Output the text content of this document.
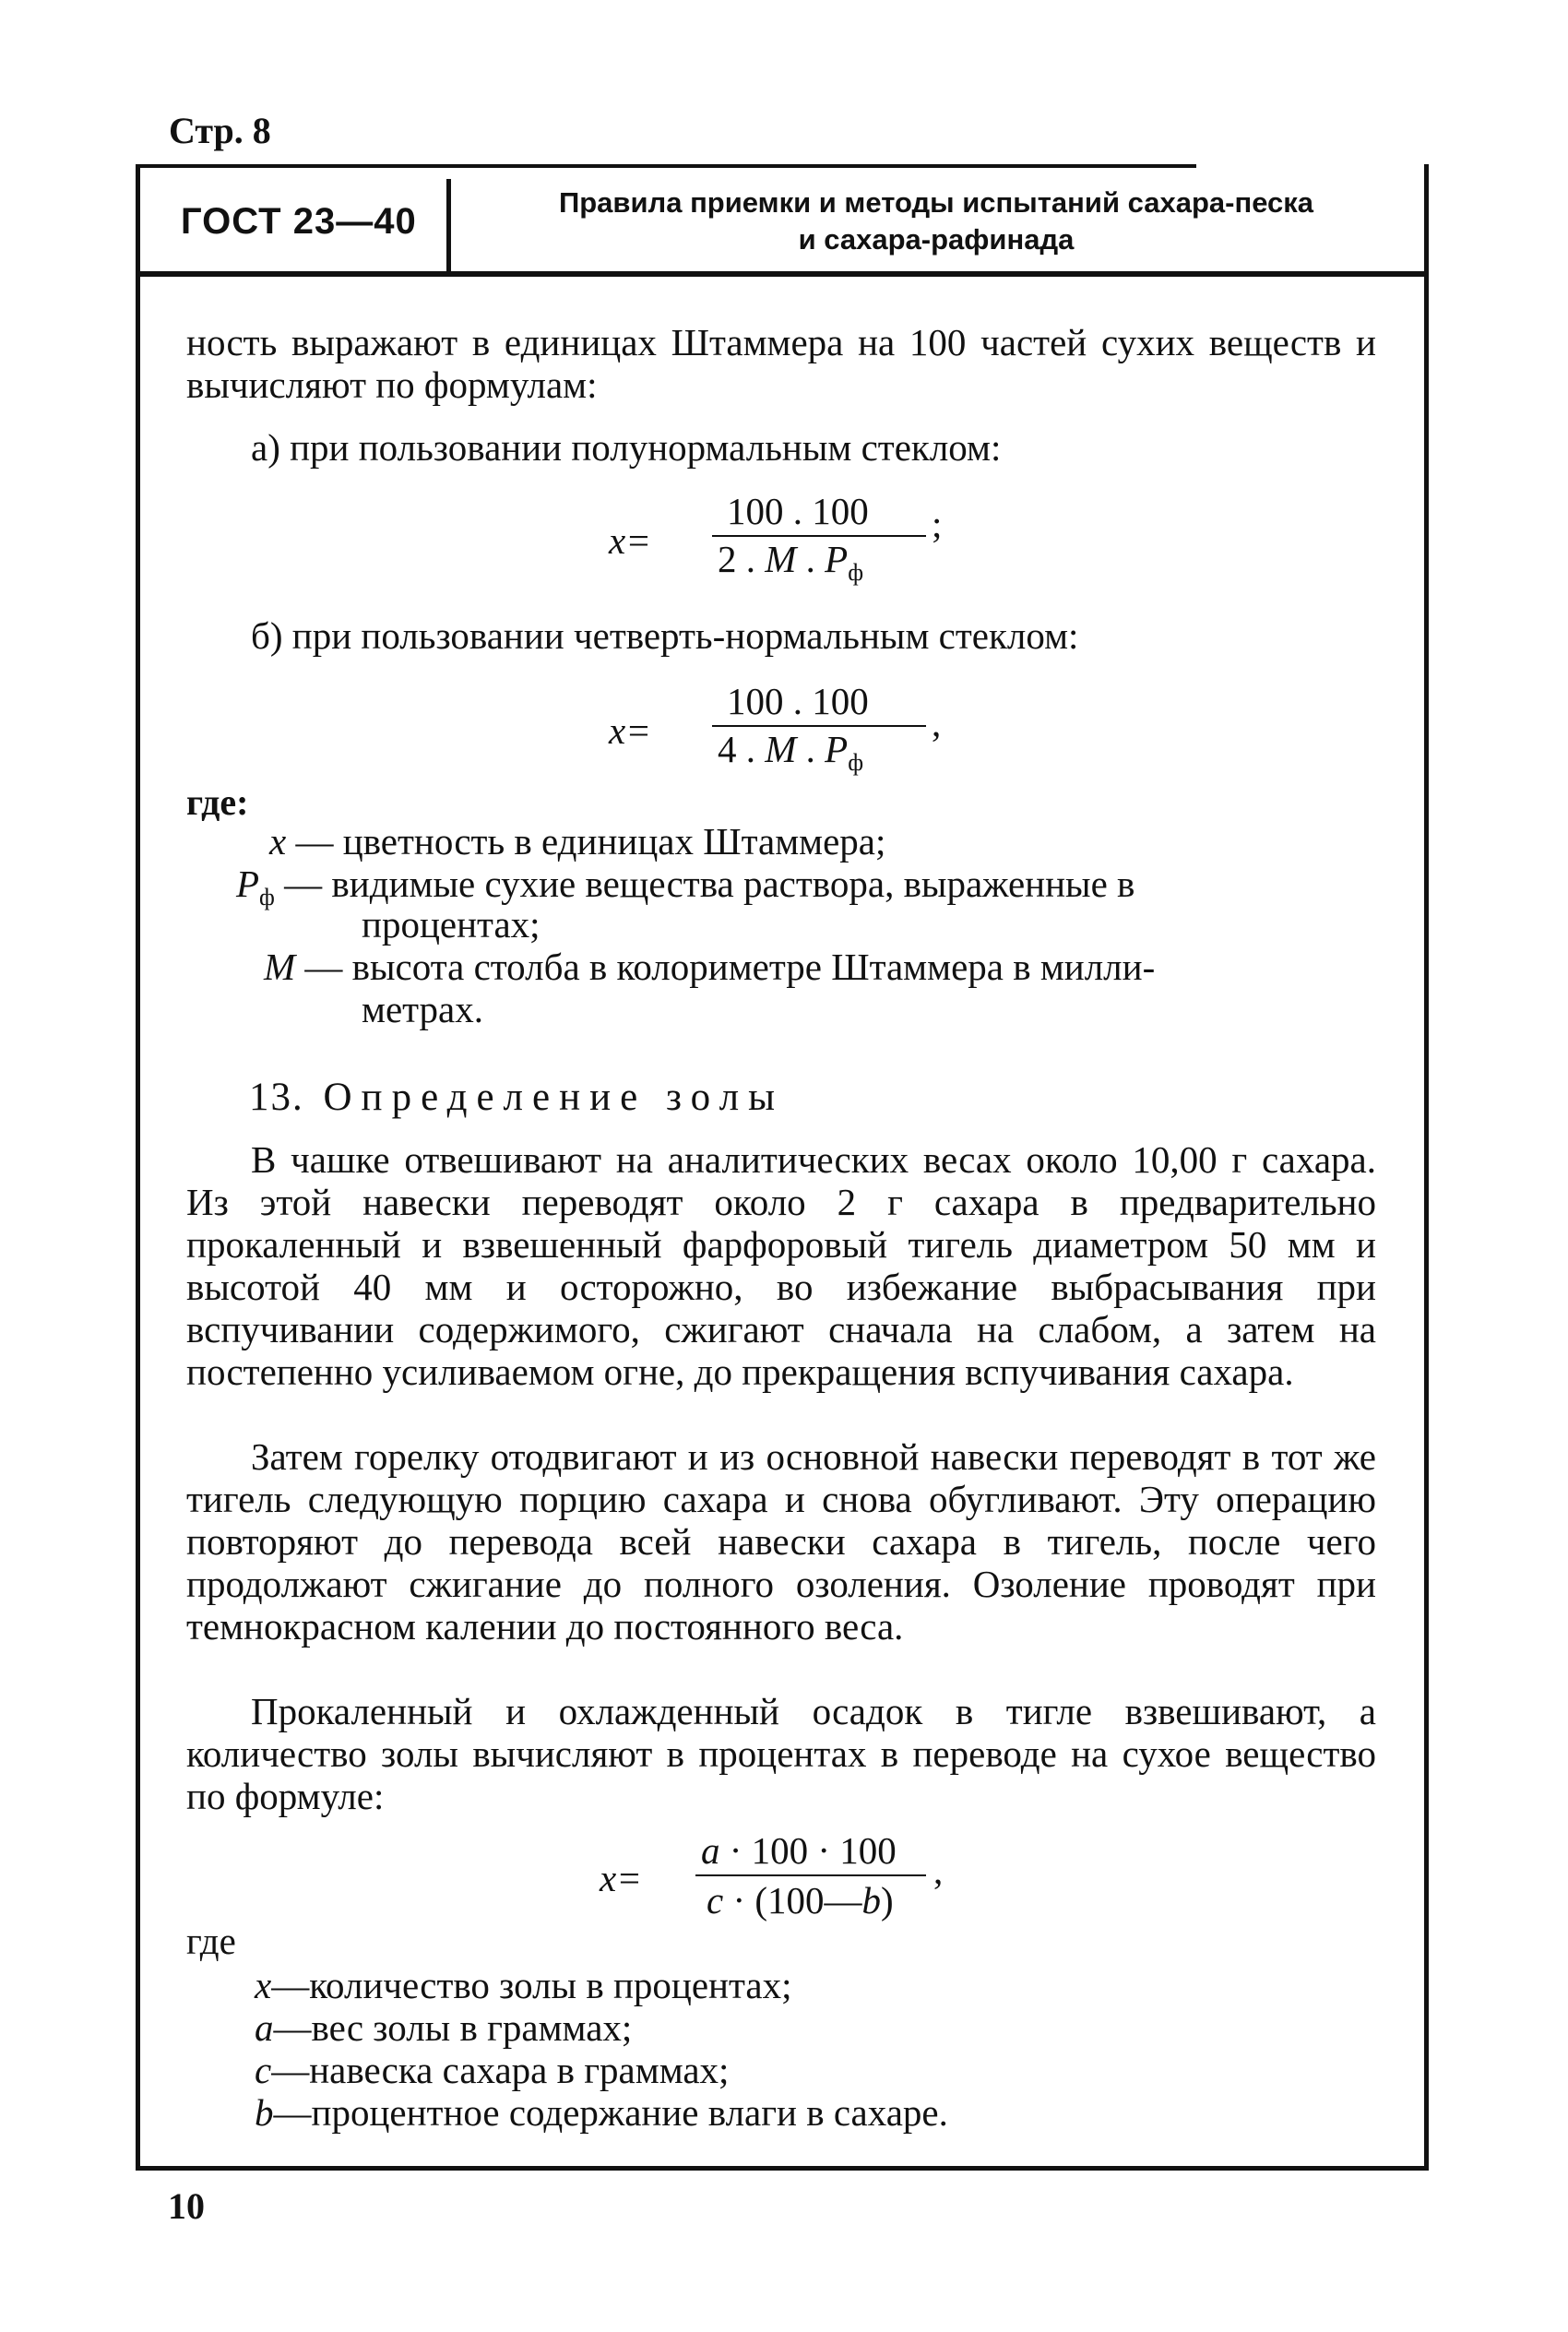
Стр. 8
ГОСТ 23—40	Правила приемки и методы испытаний сахара-песка
и сахара-рафинада

ность выражают в единицах Штаммера на 100 частей сухих веществ и вычисляют по формулам:

а) при пользовании полунормальным стеклом:

x=
100 . 100
2 . M . $P_ф$
;

б) при пользовании четверть-нормальным стеклом:

x=
100 . 100
4 . M . $P_ф$
,
где:
x — цветность в единицах Штаммера;
$P_ф$ — видимые сухие вещества раствора, выраженные в
процентах;
M — высота столба в колориметре Штаммера в милли-
метрах.
13. Определение золы

В чашке отвешивают на аналитических весах около 10,00 г сахара. Из этой навески переводят около 2 г сахара в предварительно прокаленный и взвешенный фарфоровый тигель диаметром 50 мм и высотой 40 мм и осторожно, во избежание выбрасывания при вспучивании содержимого, сжигают сначала на слабом, а затем на постепенно усиливаемом огне, до прекращения вспучивания сахара.

Затем горелку отодвигают и из основной навески переводят в тот же тигель следующую порцию сахара и снова обугливают. Эту операцию повторяют до перевода всей навески сахара в тигель, после чего продолжают сжигание до полного озоления. Озоление проводят при темнокрасном калении до постоянного веса.

Прокаленный и охлажденный осадок в тигле взвешивают, а количество золы вычисляют в процентах в переводе на сухое вещество по формуле:

x=
a · 100 · 100
c · (100—b)
,
где
x—количество золы в процентах;
a—вес золы в граммах;
c—навеска сахара в граммах;
b—процентное содержание влаги в сахаре.
10
